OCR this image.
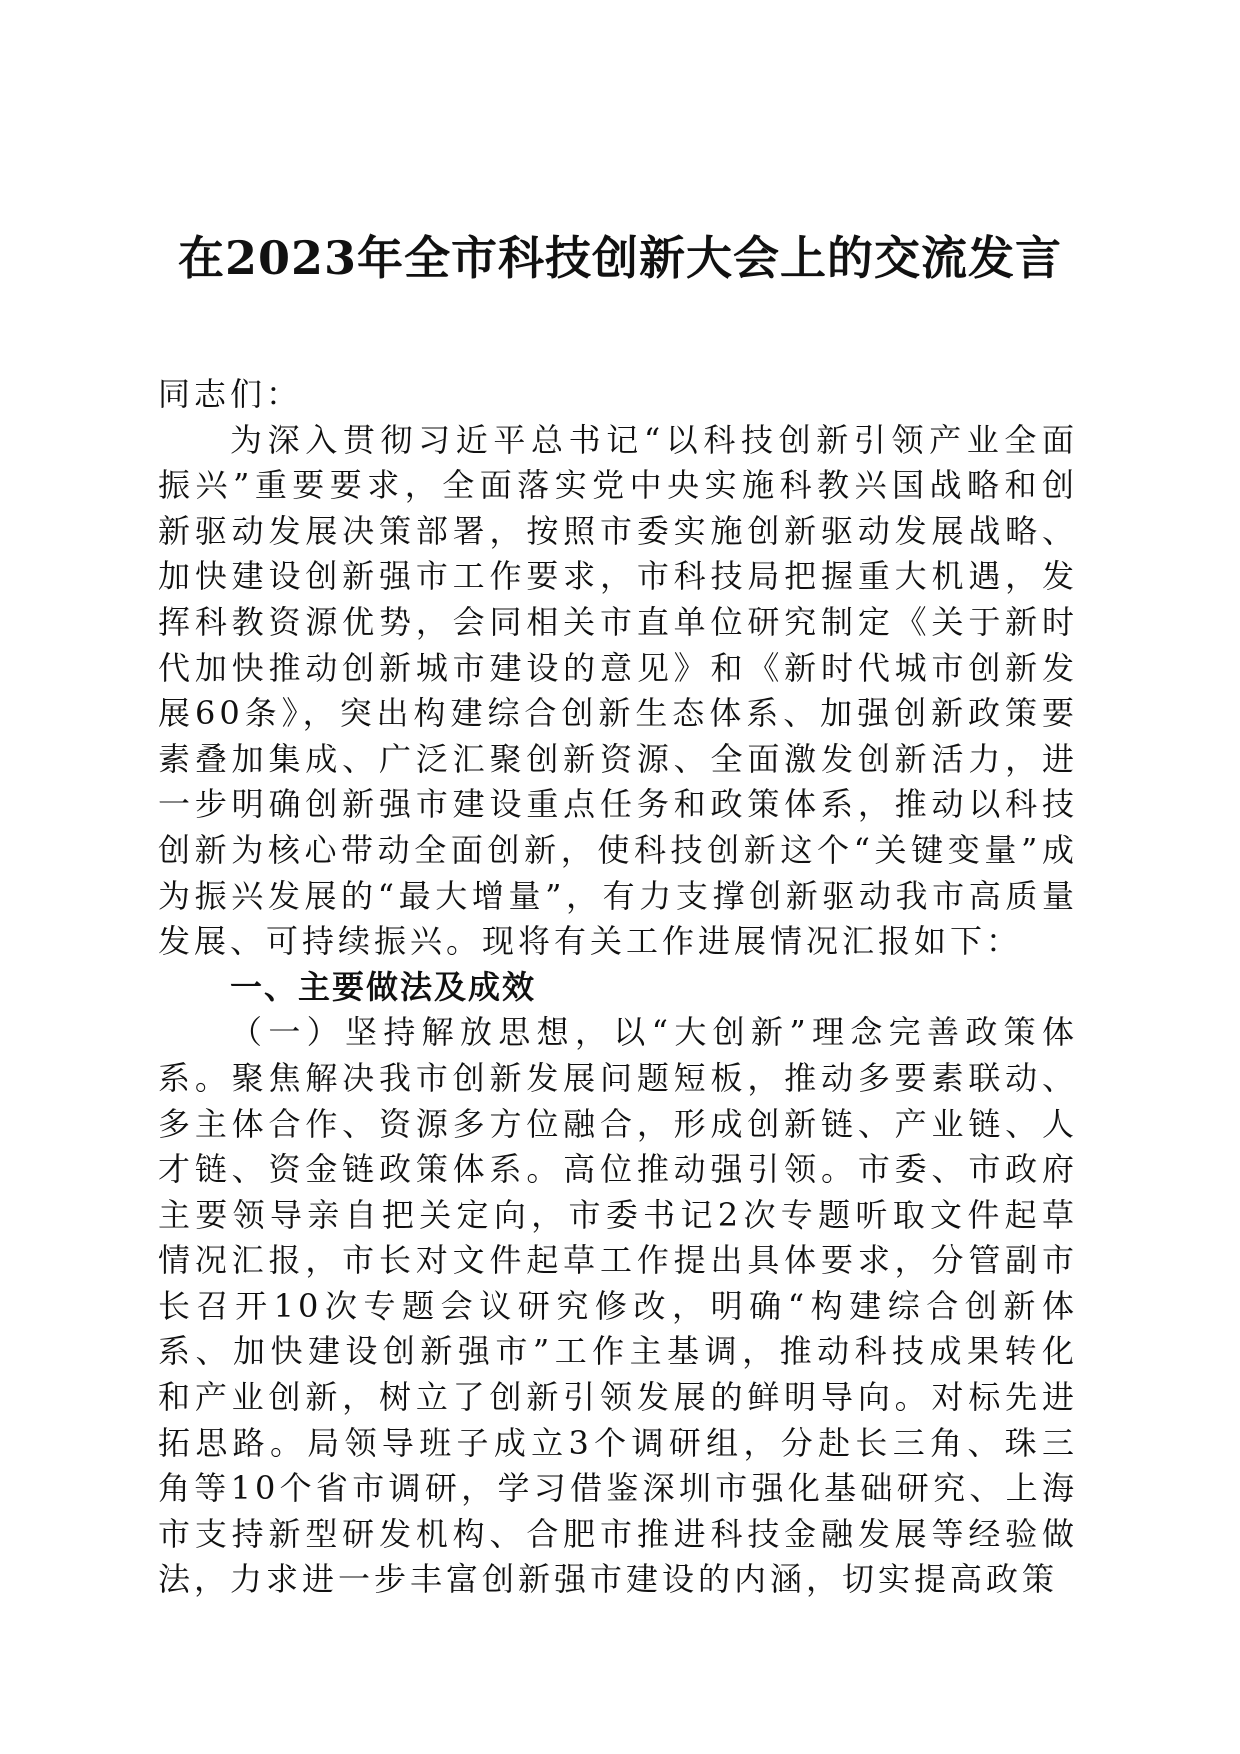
在2023年全市科技创新大会上的交流发言

同志们：

为深入贯彻习近平总书记“以科技创新引领产业全面振兴”重要要求，全面落实党中央实施科教兴国战略和创新驱动发展决策部署，按照市委实施创新驱动发展战略、加快建设创新强市工作要求，市科技局把握重大机遇，发挥科教资源优势，会同相关市直单位研究制定《关于新时代加快推动创新城市建设的意见》和《新时代城市创新发展60条》，突出构建综合创新生态体系、加强创新政策要素叠加集成、广泛汇聚创新资源、全面激发创新活力，进一步明确创新强市建设重点任务和政策体系，推动以科技创新为核心带动全面创新，使科技创新这个“关键变量”成为振兴发展的“最大增量”，有力支撑创新驱动我市高质量发展、可持续振兴。现将有关工作进展情况汇报如下：

一、主要做法及成效

（一）坚持解放思想，以“大创新”理念完善政策体系。聚焦解决我市创新发展问题短板，推动多要素联动、多主体合作、资源多方位融合，形成创新链、产业链、人才链、资金链政策体系。高位推动强引领。市委、市政府主要领导亲自把关定向，市委书记2次专题听取文件起草情况汇报，市长对文件起草工作提出具体要求，分管副市长召开10次专题会议研究修改，明确“构建综合创新体系、加快建设创新强市”工作主基调，推动科技成果转化和产业创新，树立了创新引领发展的鲜明导向。对标先进拓思路。局领导班子成立3个调研组，分赴长三角、珠三角等10个省市调研，学习借鉴深圳市强化基础研究、上海市支持新型研发机构、合肥市推进科技金融发展等经验做法，力求进一步丰富创新强市建设的内涵，切实提高政策
